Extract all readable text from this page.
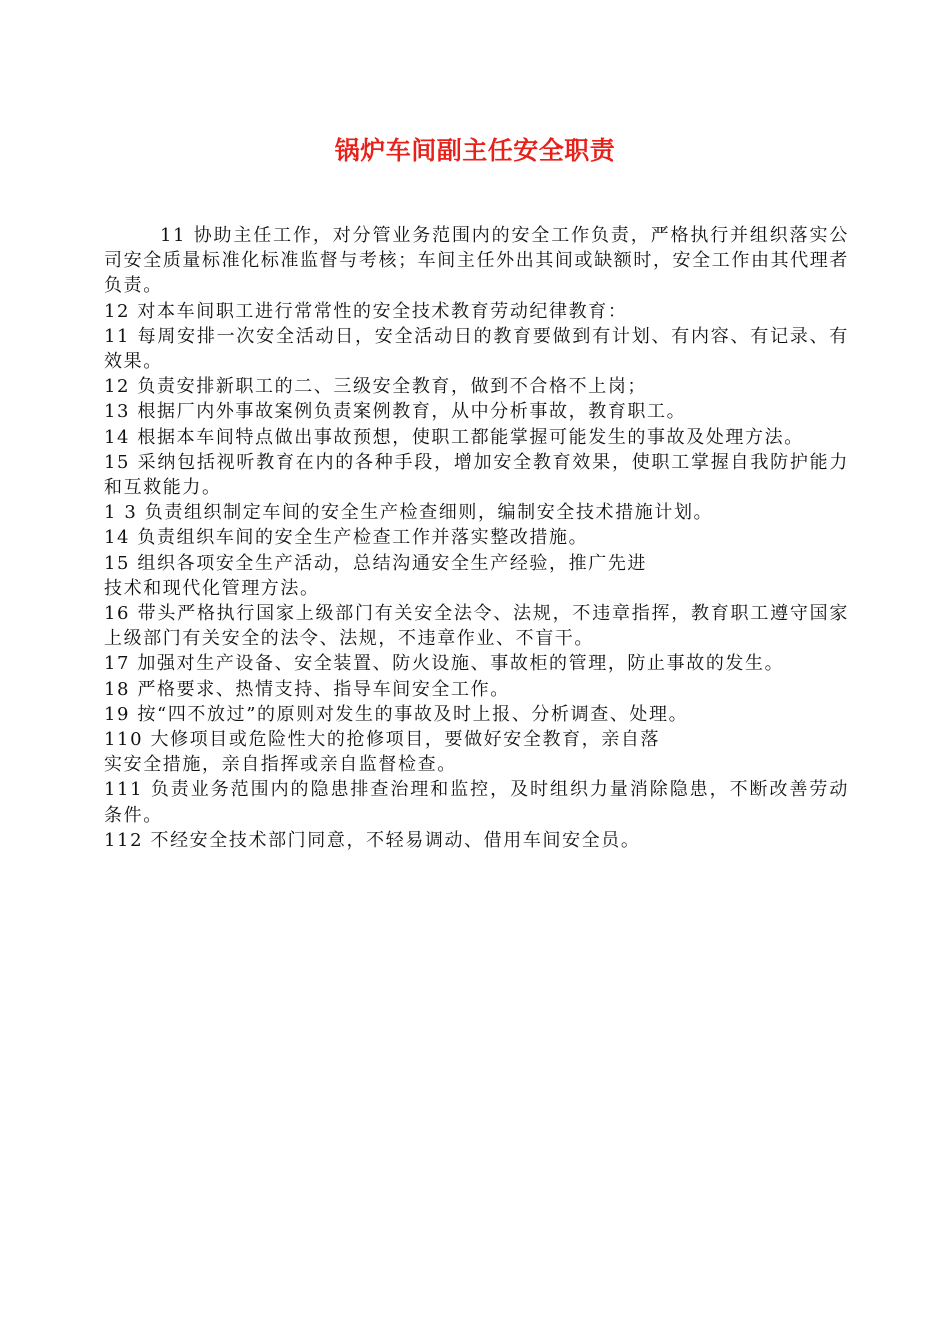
锅炉车间副主任安全职责

11 协助主任工作，对分管业务范围内的安全工作负责，严格执行并组织落实公司安全质量标准化标准监督与考核；车间主任外出其间或缺额时，安全工作由其代理者负责。

12 对本车间职工进行常常性的安全技术教育劳动纪律教育：

11 每周安排一次安全活动日，安全活动日的教育要做到有计划、有内容、有记录、有效果。

12 负责安排新职工的二、三级安全教育，做到不合格不上岗；

13 根据厂内外事故案例负责案例教育，从中分析事故，教育职工。

14 根据本车间特点做出事故预想，使职工都能掌握可能发生的事故及处理方法。

15 采纳包括视听教育在内的各种手段，增加安全教育效果，使职工掌握自我防护能力和互救能力。

1 3 负责组织制定车间的安全生产检查细则，编制安全技术措施计划。

14 负责组织车间的安全生产检查工作并落实整改措施。

15 组织各项安全生产活动，总结沟通安全生产经验，推广先进

技术和现代化管理方法。

16 带头严格执行国家上级部门有关安全法令、法规，不违章指挥，教育职工遵守国家上级部门有关安全的法令、法规，不违章作业、不盲干。

17 加强对生产设备、安全装置、防火设施、事故柜的管理，防止事故的发生。

18 严格要求、热情支持、指导车间安全工作。

19 按“四不放过”的原则对发生的事故及时上报、分析调查、处理。

110 大修项目或危险性大的抢修项目，要做好安全教育，亲自落

实安全措施，亲自指挥或亲自监督检查。

111 负责业务范围内的隐患排查治理和监控，及时组织力量消除隐患，不断改善劳动条件。

112 不经安全技术部门同意，不轻易调动、借用车间安全员。
